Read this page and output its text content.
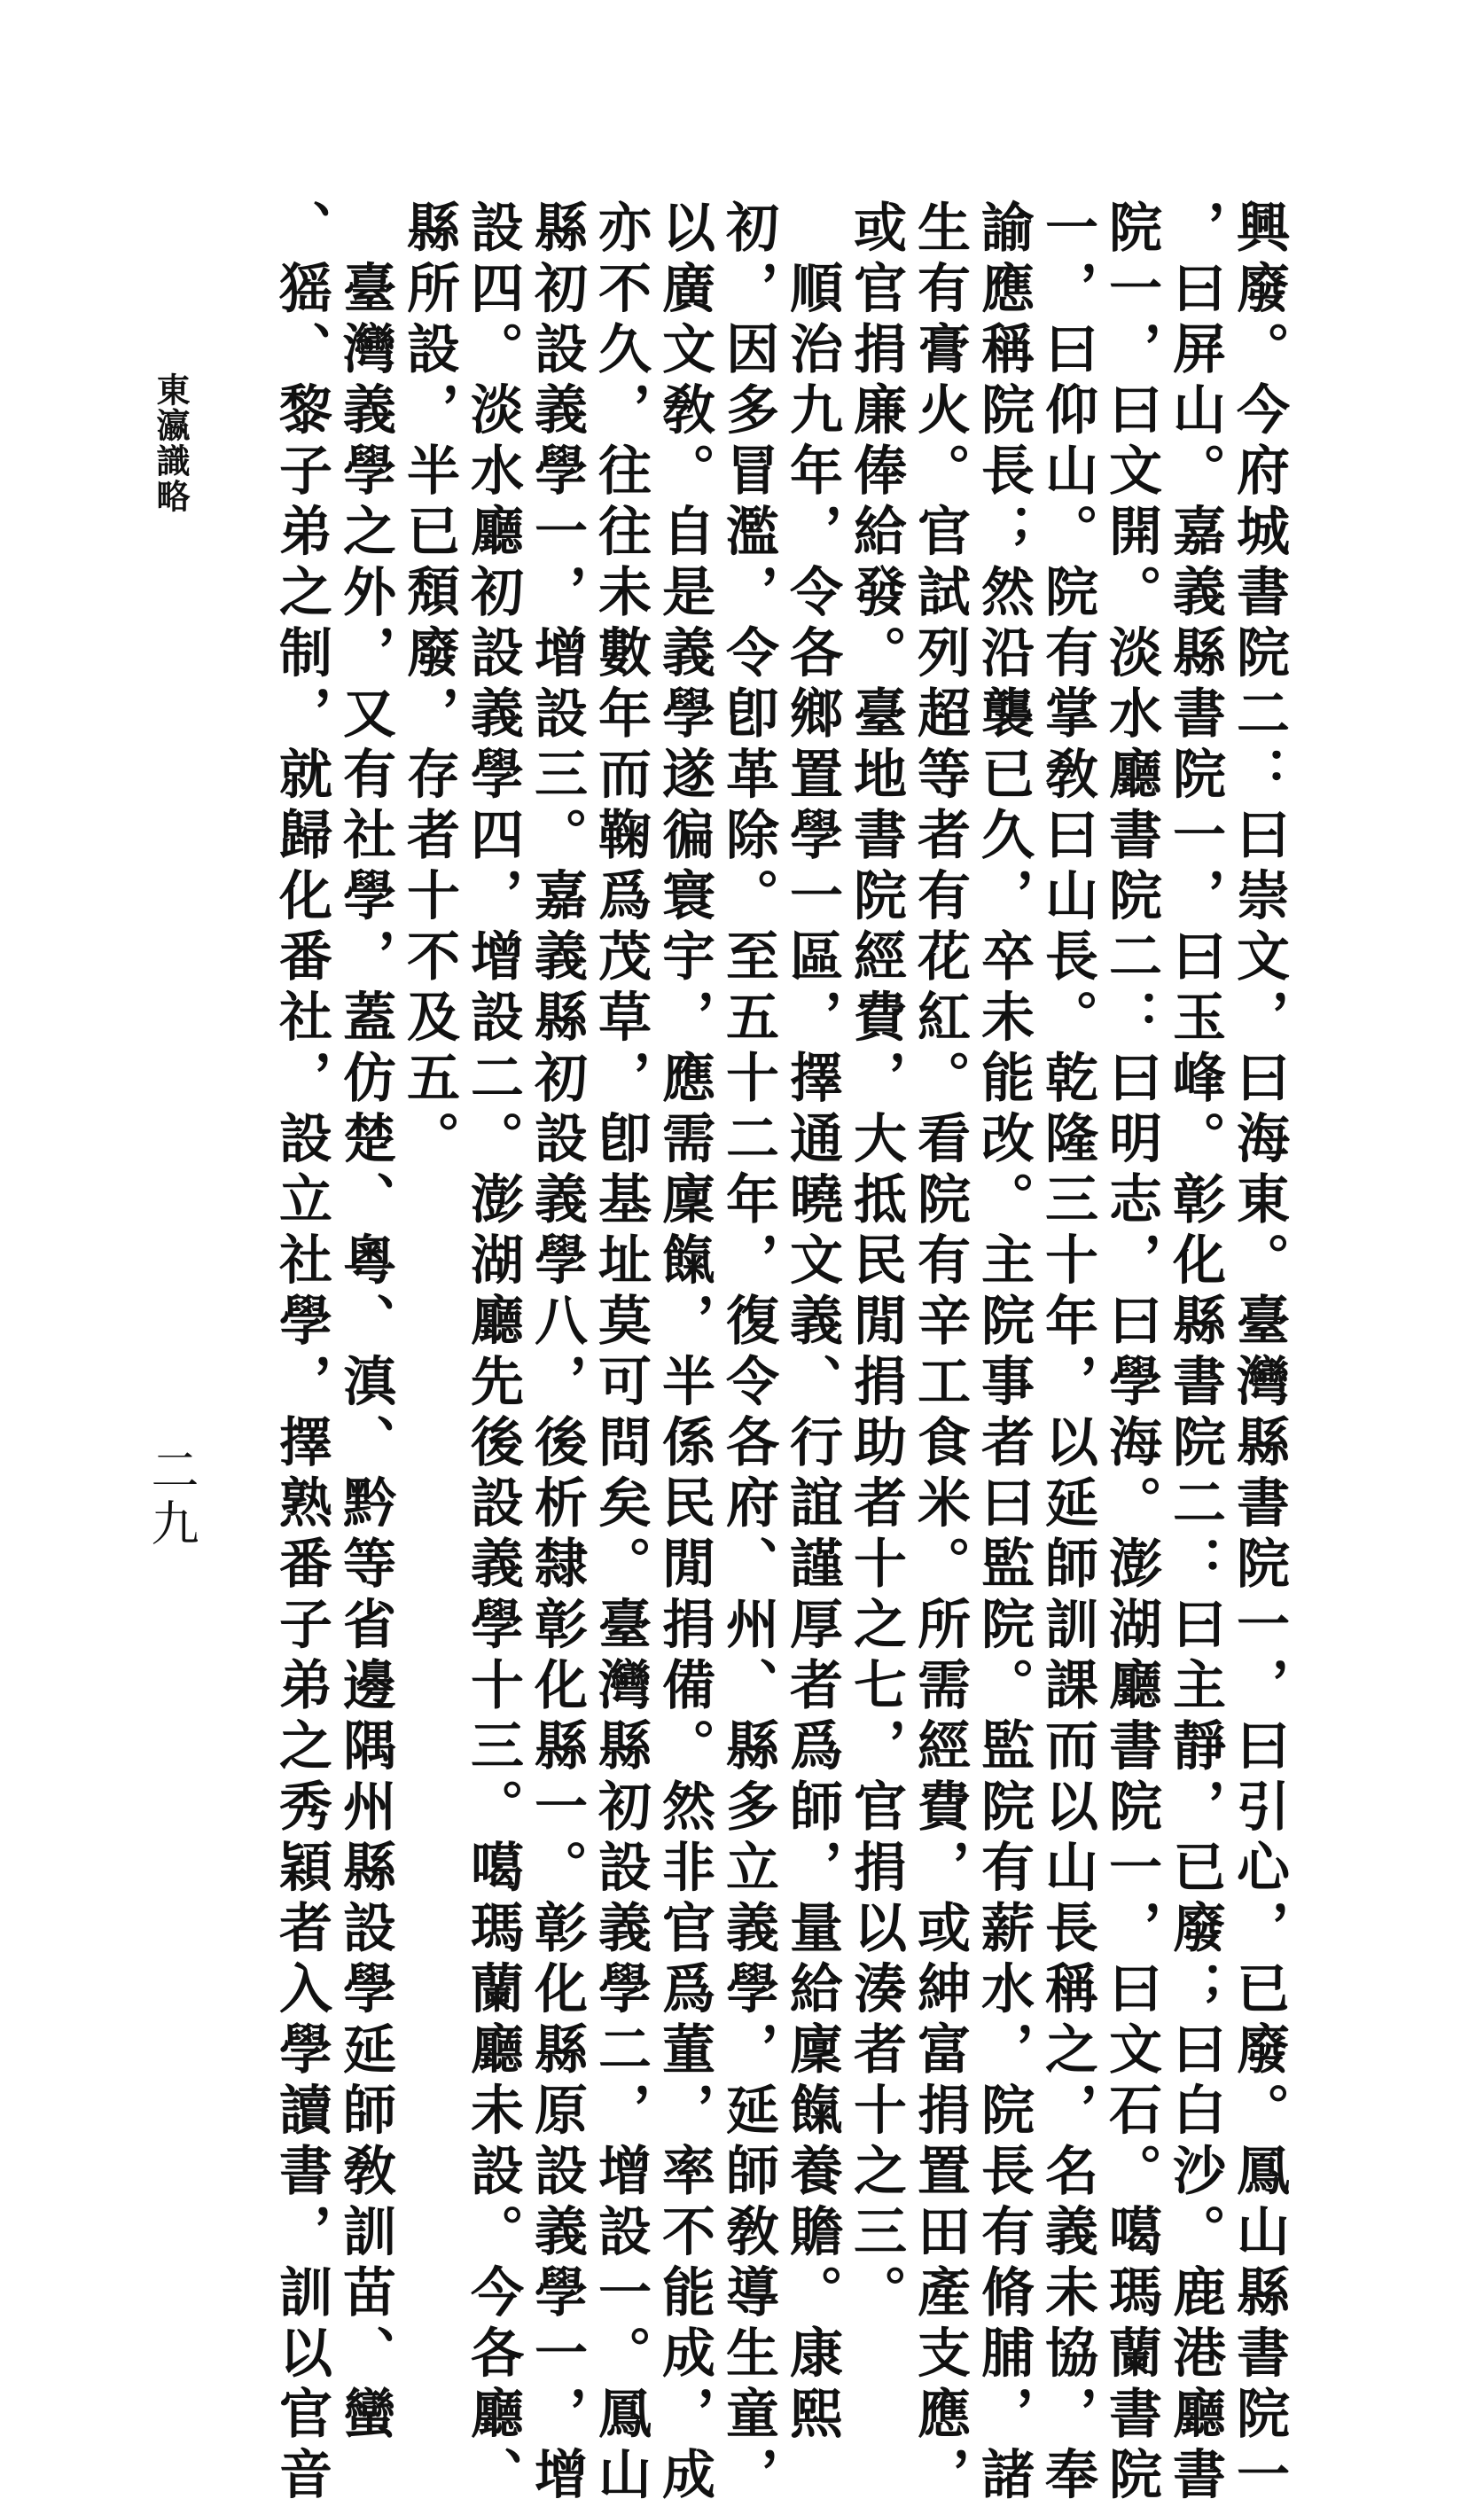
興廢。今府城書院二：曰崇文，曰海東。臺灣縣書院一，曰引心，已廢。鳳山縣書院一
，曰屏山。嘉義縣書院一，曰玉峰。彰化縣書院二：曰主靜，已廢；曰白沙。鹿港廳書
院一，曰文開。淡水廳書院二：曰明志，曰學海。澎湖廳書院一，曰文石。噶瑪蘭書院
一，曰仰山。院有掌敎曰山長。乾隆三十年，以延師訓課而以山長稱之，名義未協，奉
諭應稱院長；然沿襲已久，卒未能改。主院事者曰監院。監院有薪水，院長有脩脯，諸
生有膏火。官試列超等者有花紅。看院有辛工食米。所需經費，或紳富捐置田產支應，
或官捐廉俸給發。臺地書院經費，大抵民閒捐助者十之七，官捐以湊者十之三。
　順治九年，令各鄉置學一區，擇通曉文義、行誼謹厚者爲師，量給廩餼養贍。康熙
初，因多冒濫，令卽革除。至五十二年，復令各府、州、縣多立義學，延師敎導生童，
以廣文敎。自是義學遂徧寰宇，應需廩餼，半係民閒捐備。然非官爲董，率不能成，成
亦不久，往往未數年而鞠爲茂草，卽基址莫可問矣。臺灣縣初設義學二，增設一。鳳山
縣初設義學一，增設三。嘉義縣初設義學八，後析隸彰化縣一。彰化縣原設義學一，增
設四。淡水廳初設義學四，增設二。澎湖廳先後設義學十三。噶瑪蘭廳未設。今各廳、
縣所設，半已頽廢，存者十不及五。
　臺灣義學之外，又有社學，蓋仿楚、粵、滇、黔等省邊隅州縣設學延師敎訓苗、蠻
、猺、黎子弟之制，就歸化番社，設立社學，擇熟番子弟之秀穎者入學讀書，訓以官音
東瀛識略
二九
